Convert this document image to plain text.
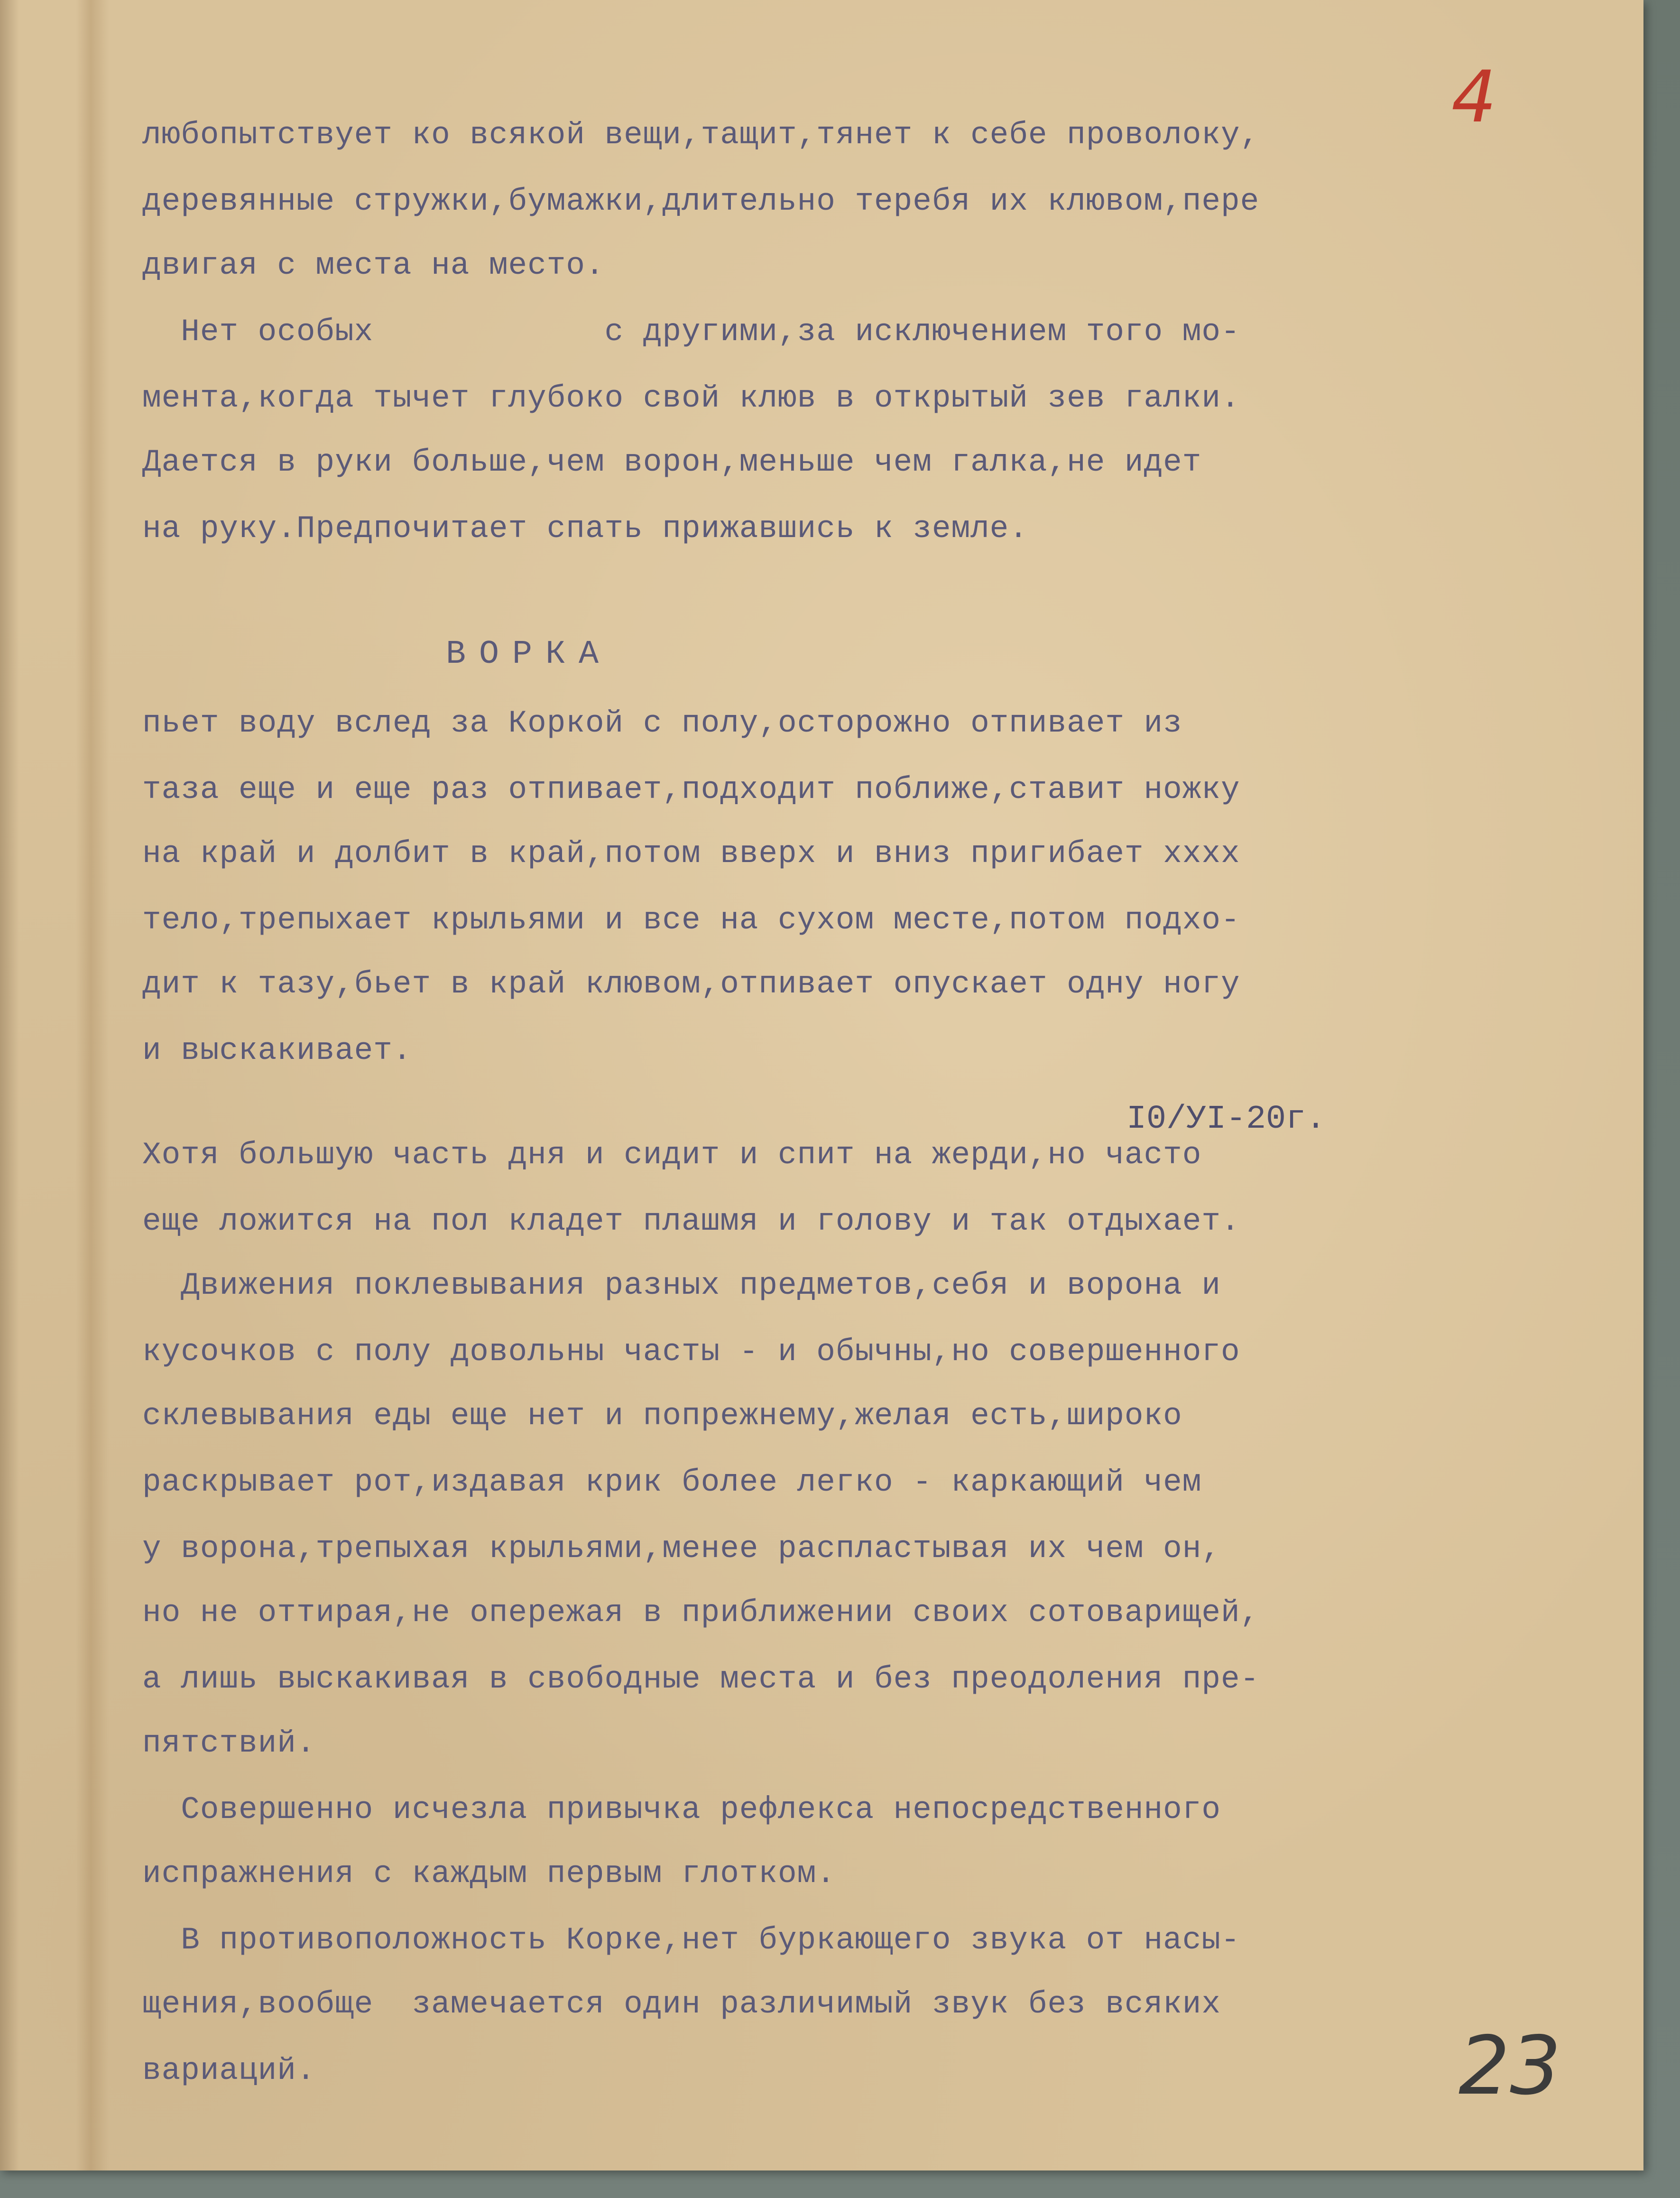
4
любопытствует ко всякой вещи,тащит,тянет к себе проволоку,
деревянные стружки,бумажки,длительно теребя их клювом,пере
двигая с места на место.
Нет особых            с другими,за исключением того мо-
мента,когда тычет глубоко свой клюв в открытый зев галки.
Дается в руки больше,чем ворон,меньше чем галка,не идет
на руку.Предпочитает спать прижавшись к земле.
ВОРКА
пьет воду вслед за Коркой с полу,осторожно отпивает из
таза еще и еще раз отпивает,подходит поближе,ставит ножку
на край и долбит в край,потом вверх и вниз пригибает xxxx
тело,трепыхает крыльями и все на сухом месте,потом подхо-
дит к тазу,бьет в край клювом,отпивает опускает одну ногу
и выскакивает.
I0/УI-20г.
Хотя большую часть дня и сидит и спит на жерди,но часто
еще ложится на пол кладет плашмя и голову и так отдыхает.
Движения поклевывания разных предметов,себя и ворона и
кусочков с полу довольны часты - и обычны,но совершенного
склевывания еды еще нет и попрежнему,желая есть,широко
раскрывает рот,издавая крик более легко - каркающий чем
у ворона,трепыхая крыльями,менее распластывая их чем он,
но не оттирая,не опережая в приближении своих сотоварищей,
а лишь выскакивая в свободные места и без преодоления пре-
пятствий.
Совершенно исчезла привычка рефлекса непосредственного
испражнения с каждым первым глотком.
В противоположность Корке,нет буркающего звука от насы-
щения,вообще  замечается один различимый звук без всяких
вариаций.	23
